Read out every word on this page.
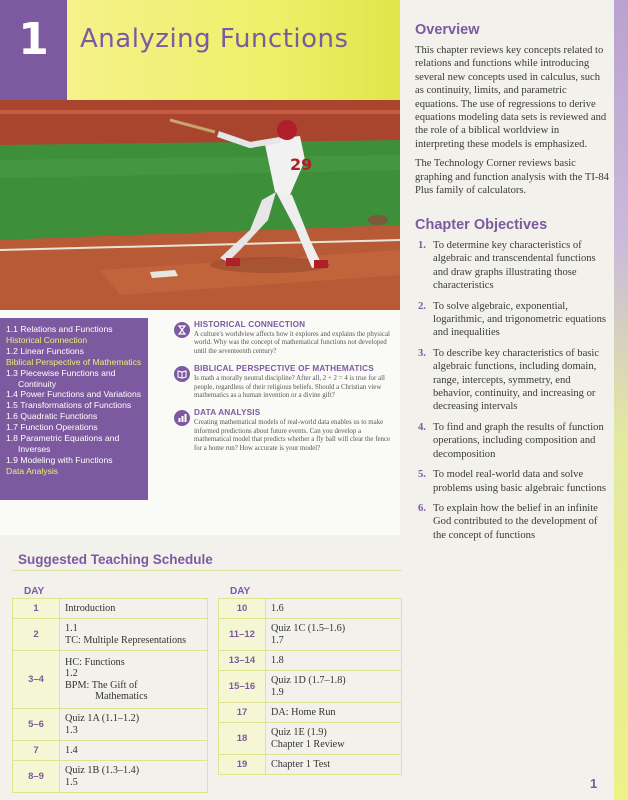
1	Analyzing Functions
29
1.1 Relations and Functions
Historical Connection
1.2 Linear Functions
Biblical Perspective of Mathematics
1.3 Piecewise Functions and
Continuity
1.4 Power Functions and Variations
1.5 Transformations of Functions
1.6 Quadratic Functions
1.7 Function Operations
1.8 Parametric Equations and
Inverses
1.9 Modeling with Functions
Data Analysis
HISTORICAL CONNECTION

A culture's worldview affects how it explores and explains the physical world. Why was the concept of mathematical functions not developed until the seventeenth century?

BIBLICAL PERSPECTIVE OF MATHEMATICS

Is math a morally neutral discipline? After all, 2 + 2 = 4 is true for all people, regardless of their religious beliefs. Should a Christian view mathematics as a human invention or a divine gift?

DATA ANALYSIS

Creating mathematical models of real-world data enables us to make informed predictions about future events. Can you develop a mathematical model that predicts whether a fly ball will clear the fence for a home run? How accurate is your model?

Overview

This chapter reviews key concepts related to relations and functions while introducing several new concepts used in calculus, such as continuity, limits, and parametric equations. The use of regressions to derive equations modeling data sets is reviewed and the role of a biblical worldview in interpreting these models is emphasized.

The Technology Corner reviews basic graphing and function analysis with the TI-84 Plus family of calculators.

Chapter Objectives
1. To determine key characteristics of algebraic and transcendental functions and draw graphs illustrating those characteristics
2. To solve algebraic, exponential, logarithmic, and trigonometric equations and inequalities
3. To describe key characteristics of basic algebraic functions, including domain, range, intercepts, symmetry, end behavior, continuity, and increasing or decreasing intervals
4. To find and graph the results of function operations, including composition and decomposition
5. To model real-world data and solve problems using basic algebraic functions
6. To explain how the belief in an infinite God contributed to the development of the concept of functions
Suggested Teaching Schedule
DAY
1	Introduction

2	1.1
TC: Multiple Representations

3–4	HC: Functions
1.2
BPM: The Gift of
Mathematics

5–6	Quiz 1A (1.1–1.2)
1.3

7	1.4

8–9	Quiz 1B (1.3–1.4)
1.5
DAY
10	1.6

11–12	Quiz 1C (1.5–1.6)
1.7

13–14	1.8

15–16	Quiz 1D (1.7–1.8)
1.9

17	DA: Home Run

18	Quiz 1E (1.9)
Chapter 1 Review

19	Chapter 1 Test
1
